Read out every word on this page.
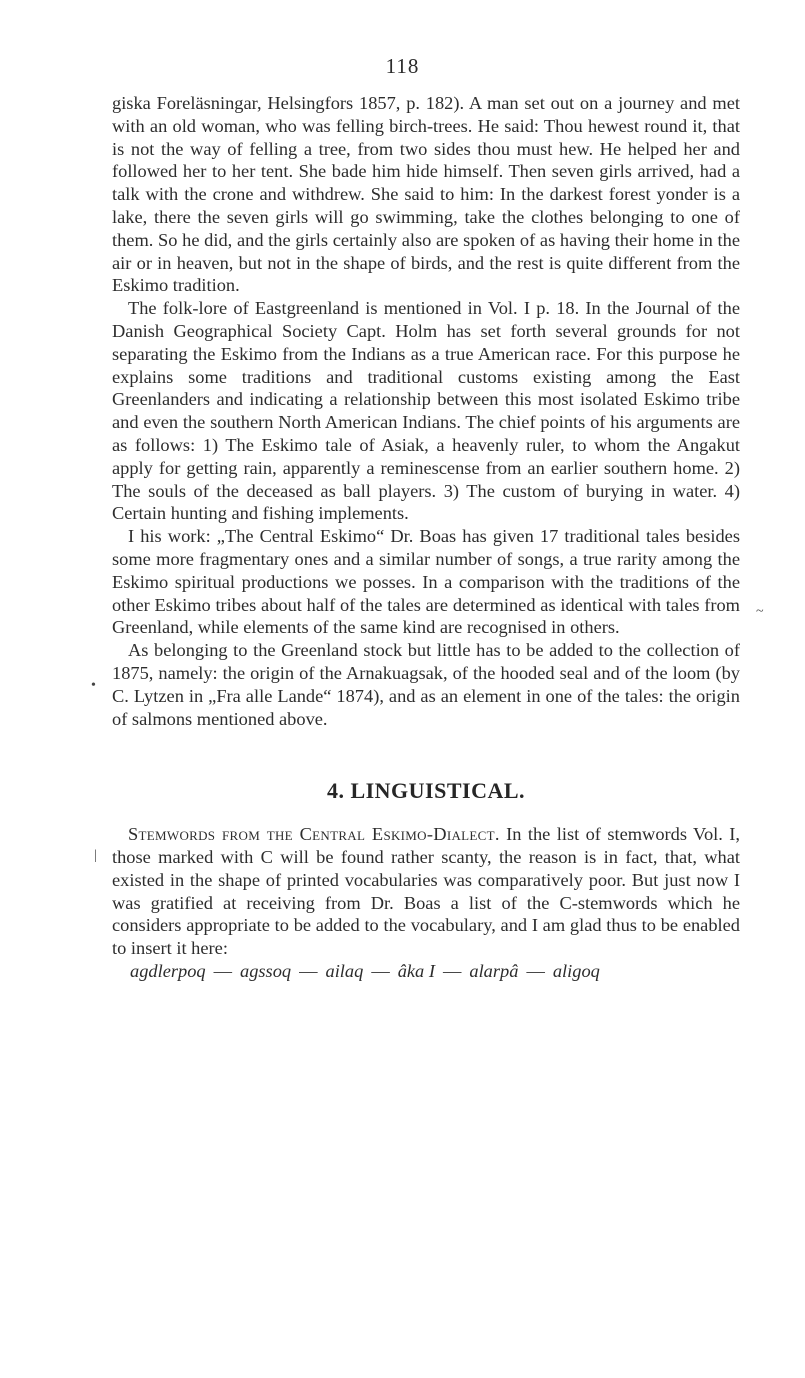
118
~
•
|

giska Foreläsningar, Helsingfors 1857, p. 182). A man set out on a journey and met with an old woman, who was felling birch-trees. He said: Thou hewest round it, that is not the way of felling a tree, from two sides thou must hew. He helped her and followed her to her tent. She bade him hide himself. Then seven girls arrived, had a talk with the crone and withdrew. She said to him: In the darkest forest yonder is a lake, there the seven girls will go swimming, take the clothes belonging to one of them. So he did, and the girls certainly also are spoken of as having their home in the air or in heaven, but not in the shape of birds, and the rest is quite different from the Eskimo tradition.

The folk-lore of Eastgreenland is mentioned in Vol. I p. 18. In the Journal of the Danish Geographical Society Capt. Holm has set forth several grounds for not separating the Eskimo from the Indians as a true American race. For this purpose he explains some traditions and traditional customs existing among the East Greenlanders and indicating a relationship between this most isolated Eskimo tribe and even the southern North American Indians. The chief points of his arguments are as follows: 1) The Eskimo tale of Asiak, a heavenly ruler, to whom the Angakut apply for getting rain, apparently a reminescense from an earlier southern home. 2) The souls of the deceased as ball players. 3) The custom of burying in water. 4) Certain hunting and fishing implements.

I his work: „The Central Eskimo“ Dr. Boas has given 17 traditional tales besides some more fragmentary ones and a similar number of songs, a true rarity among the Eskimo spiritual productions we posses. In a comparison with the traditions of the other Eskimo tribes about half of the tales are determined as identical with tales from Greenland, while elements of the same kind are recognised in others.

As belonging to the Greenland stock but little has to be added to the collection of 1875, namely: the origin of the Arnakuagsak, of the hooded seal and of the loom (by C. Lytzen in „Fra alle Lande“ 1874), and as an element in one of the tales: the origin of salmons mentioned above.

4. LINGUISTICAL.

Stemwords from the Central Eskimo-Dialect. In the list of stemwords Vol. I, those marked with C will be found rather scanty, the reason is in fact, that, what existed in the shape of printed vocabularies was comparatively poor. But just now I was gratified at receiving from Dr. Boas a list of the C-stemwords which he considers appropriate to be added to the vocabulary, and I am glad thus to be enabled to insert it here:

agdlerpoq — agssoq — ailaq — âka I — alarpâ — aligoq
